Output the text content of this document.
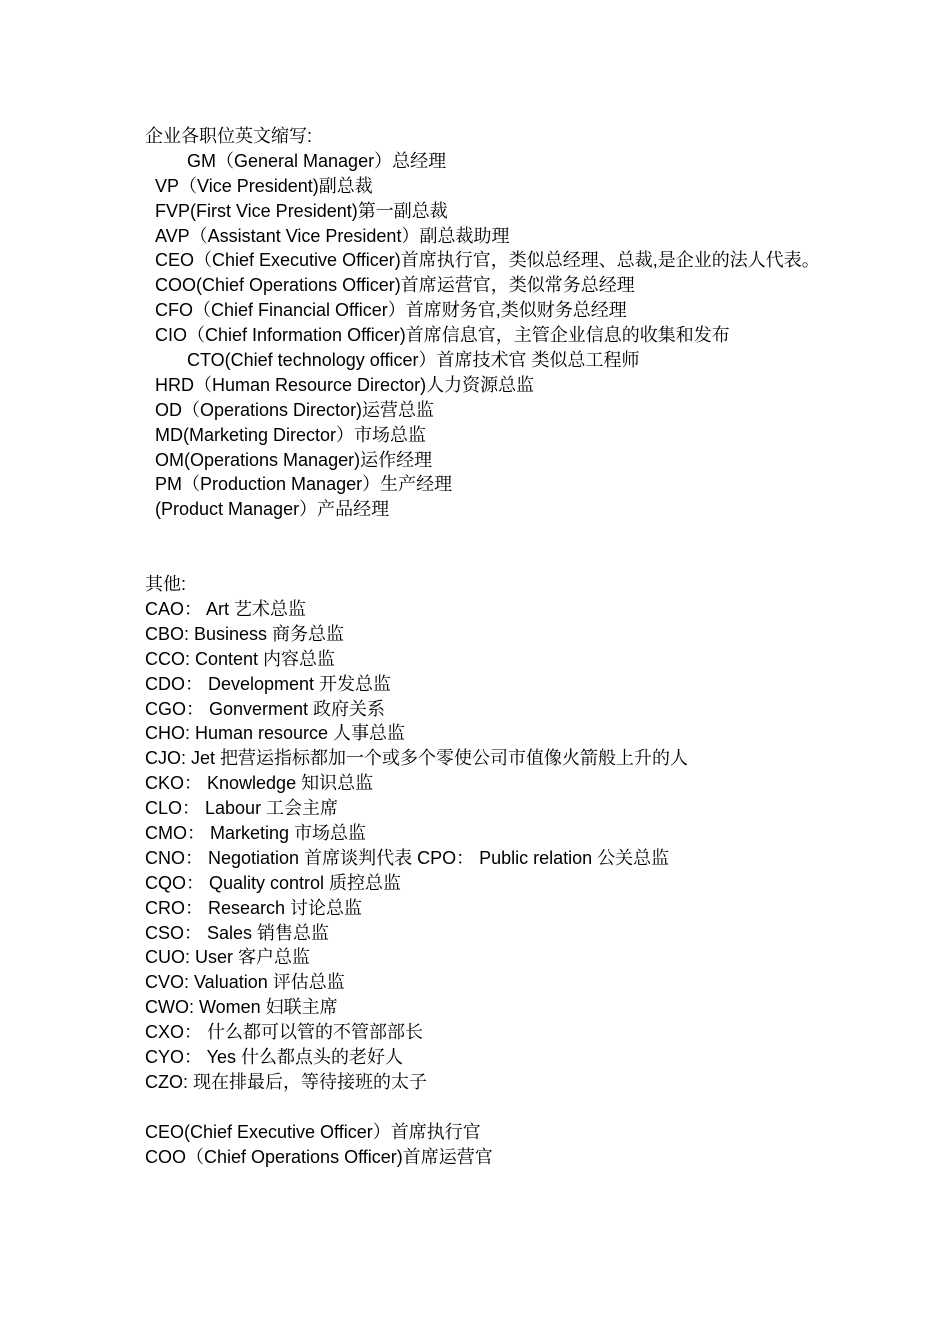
企业各职位英文缩写:
GM（General Manager）总经理
VP（Vice President)副总裁
FVP(First Vice President)第一副总裁
AVP（Assistant Vice President）副总裁助理
CEO（Chief Executive Officer)首席执行官，类似总经理、总裁,是企业的法人代表。
COO(Chief Operations Officer)首席运营官，类似常务总经理
CFO（Chief Financial Officer）首席财务官,类似财务总经理
CIO（Chief Information Officer)首席信息官，主管企业信息的收集和发布
CTO(Chief technology officer）首席技术官 类似总工程师
HRD（Human Resource Director)人力资源总监
OD（Operations Director)运营总监
MD(Marketing Director）市场总监
OM(Operations Manager)运作经理
PM（Production Manager）生产经理
(Product Manager）产品经理
其他:
CAO： Art 艺术总监
CBO: Business 商务总监
CCO: Content 内容总监
CDO： Development 开发总监
CGO： Gonverment 政府关系
CHO: Human resource 人事总监
CJO: Jet 把营运指标都加一个或多个零使公司市值像火箭般上升的人
CKO： Knowledge 知识总监
CLO： Labour 工会主席
CMO： Marketing 市场总监
CNO： Negotiation 首席谈判代表 CPO： Public relation 公关总监
CQO： Quality control 质控总监
CRO： Research 讨论总监
CSO： Sales 销售总监
CUO: User 客户总监
CVO: Valuation 评估总监
CWO: Women 妇联主席
CXO： 什么都可以管的不管部部长
CYO： Yes 什么都点头的老好人
CZO: 现在排最后，等待接班的太子
CEO(Chief Executive Officer）首席执行官
COO（Chief Operations Officer)首席运营官
